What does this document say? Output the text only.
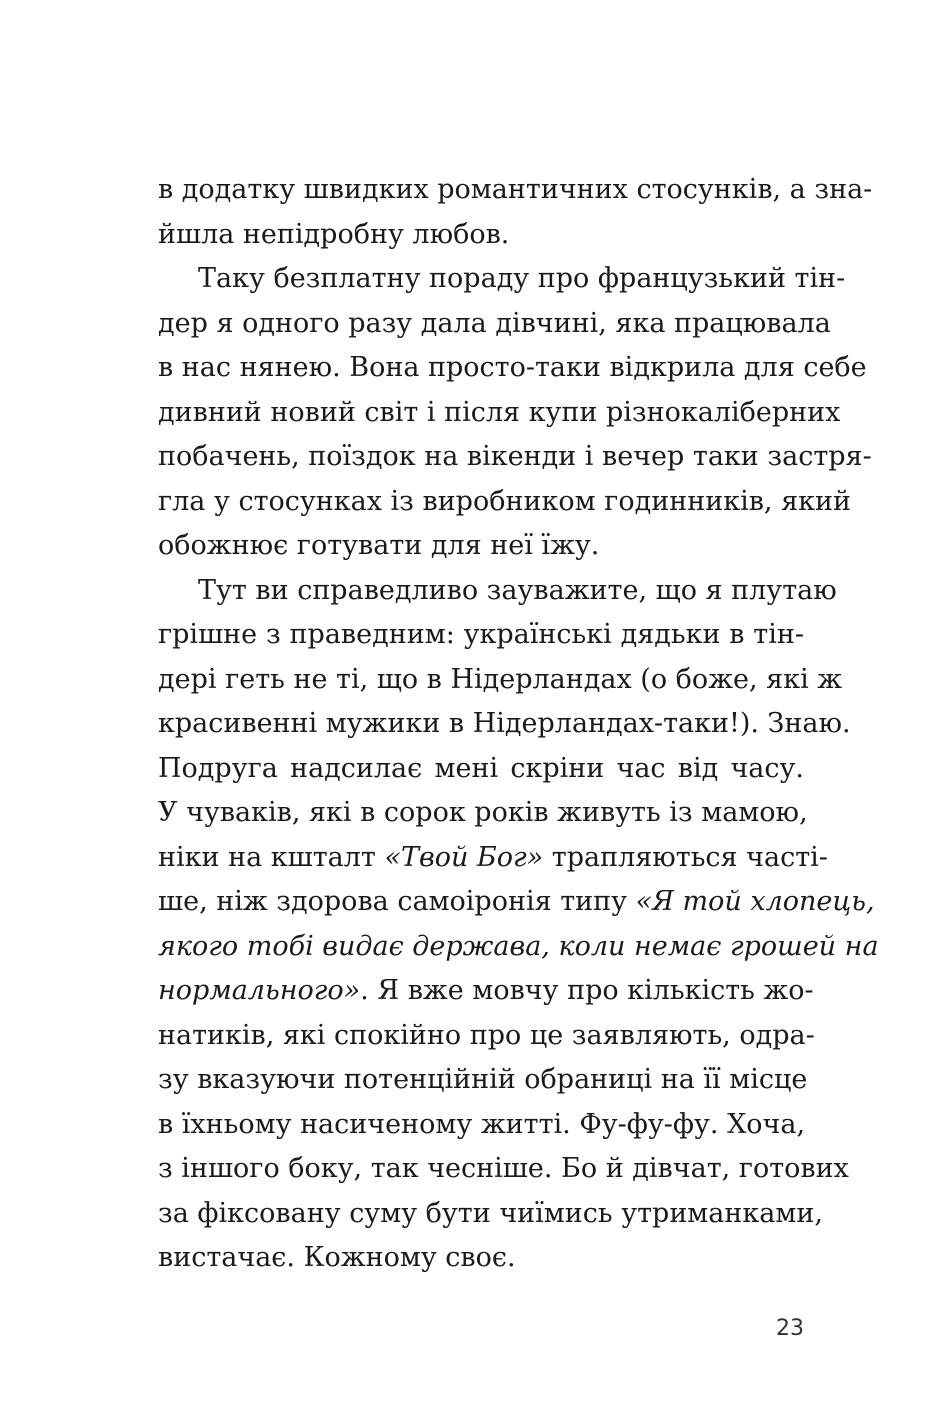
в додатку швидких романтичних стосунків, а зна-
йшла непідробну любов.
Таку безплатну пораду про французький тін-
дер я одного разу дала дівчині, яка працювала
в нас нянею. Вона просто-таки відкрила для себе
дивний новий світ і після купи різнокаліберних
побачень, поїздок на вікенди і вечер таки застря-
гла у стосунках із виробником годинників, який
обожнює готувати для неї їжу.
Тут ви справедливо зауважите, що я плутаю
грішне з праведним: українські дядьки в тін-
дері геть не ті, що в Нідерландах (о боже, які ж
красивенні мужики в Нідерландах-таки!). Знаю.
Подруга надсилає мені скріни час від часу.
У чуваків, які в сорок років живуть із мамою,
ніки на кшталт «Твой Бог» трапляються часті-
ше, ніж здорова самоіронія типу «Я той хлопець,
якого тобі видає держава, коли немає грошей на
нормального». Я вже мовчу про кількість жо-
натиків, які спокійно про це заявляють, одра-
зу вказуючи потенційній обраниці на її місце
в їхньому насиченому житті. Фу-фу-фу. Хоча,
з іншого боку, так чесніше. Бо й дівчат, готових
за фіксовану суму бути чиїмись утриманками,
вистачає. Кожному своє.
23
